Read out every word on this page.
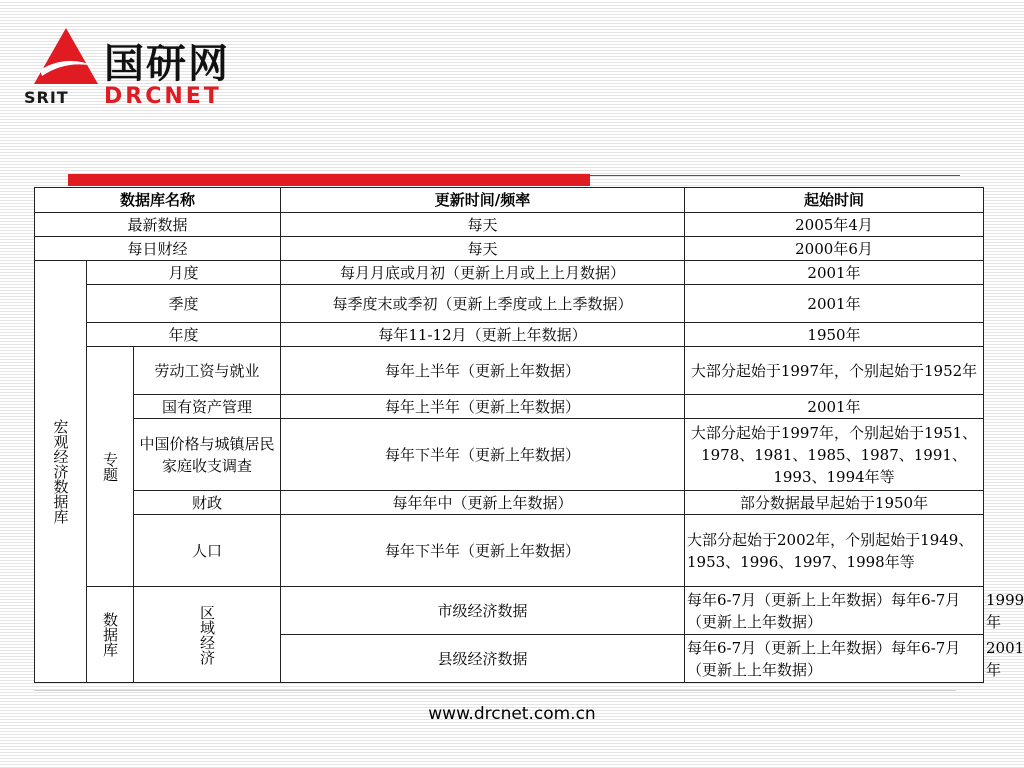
SRIT
国研网
DRCNET
数据库名称			更新时间/频率	起始时间	
最新数据			每天	2005年4月	
每日财经			每天	2000年6月	

宏观经济数据库	月度		每月月底或月初（更新上月或上上月数据）	2001年	
	季度		每季度末或季初（更新上季度或上上季数据）	2001年	
	年度		每年11-12月（更新上年数据）	1950年	

	专题	劳动工资与就业	每年上半年（更新上年数据）	大部分起始于1997年，个别起始于1952年	
		国有资产管理	每年上半年（更新上年数据）	2001年	
		中国价格与城镇居民家庭收支调查	每年下半年（更新上年数据）	大部分起始于1997年，个别起始于1951、1978、1981、1985、1987、1991、1993、1994年等	
		财政	每年年中（更新上年数据）	部分数据最早起始于1950年	
		人口	每年下半年（更新上年数据）	大部分起始于2002年，个别起始于1949、1953、1996、1997、1998年等	

	数据库	区域经济	市级经济数据	每年6-7月（更新上上年数据）每年6-7月（更新上上年数据）	1999年
			县级经济数据	每年6-7月（更新上上年数据）每年6-7月（更新上上年数据）	2001年
www.drcnet.com.cn
